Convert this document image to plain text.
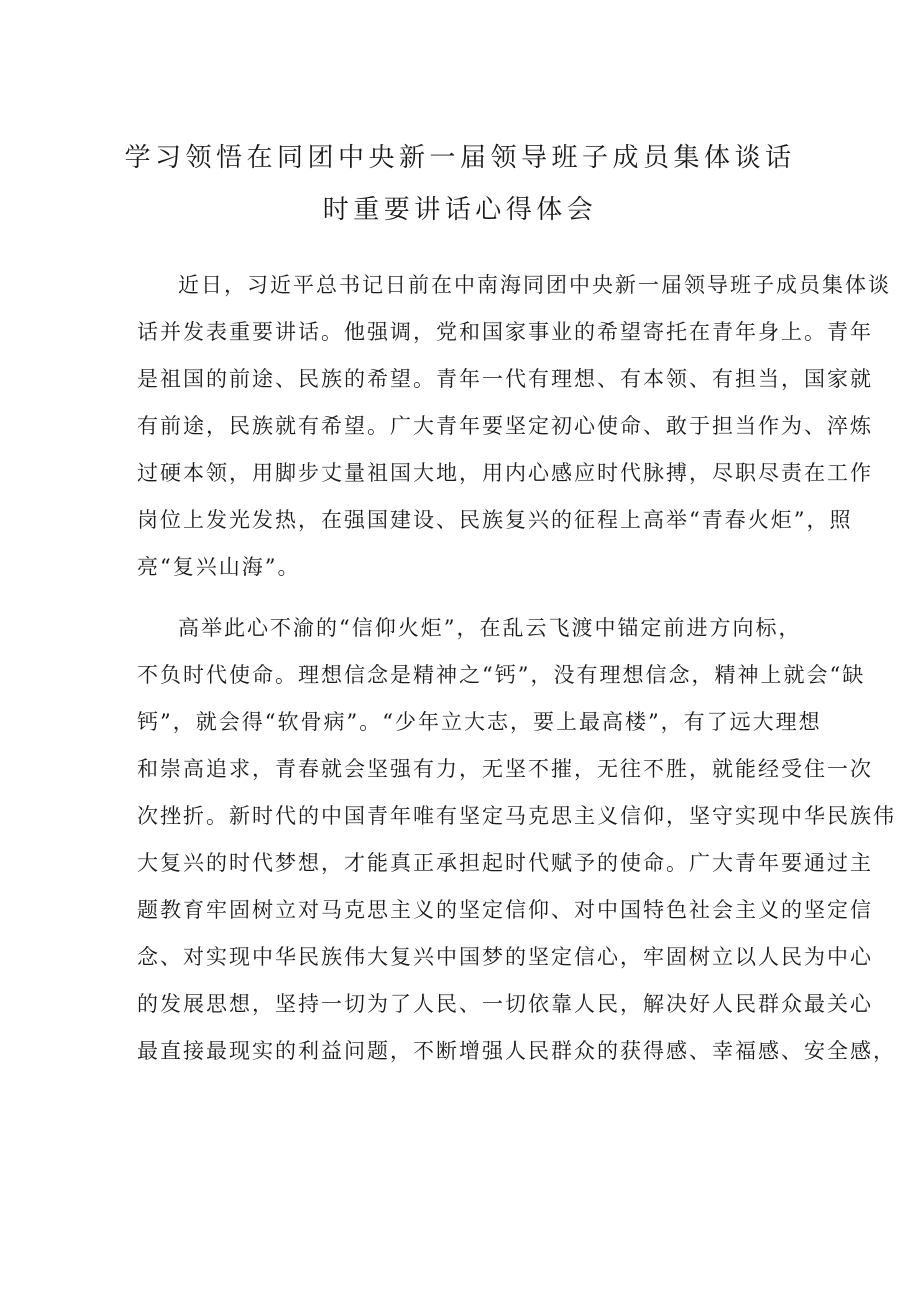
学习领悟在同团中央新一届领导班子成员集体谈话
时重要讲话心得体会
近日，习近平总书记日前在中南海同团中央新一届领导班子成员集体谈
话并发表重要讲话。他强调，党和国家事业的希望寄托在青年身上。青年
是祖国的前途、民族的希望。青年一代有理想、有本领、有担当，国家就
有前途，民族就有希望。广大青年要坚定初心使命、敢于担当作为、淬炼
过硬本领，用脚步丈量祖国大地，用内心感应时代脉搏，尽职尽责在工作
岗位上发光发热，在强国建设、民族复兴的征程上高举“青春火炬”，照
亮“复兴山海”。
高举此心不渝的“信仰火炬”，在乱云飞渡中锚定前进方向标，
不负时代使命。理想信念是精神之“钙”，没有理想信念，精神上就会“缺
钙”，就会得“软骨病”。“少年立大志，要上最高楼”，有了远大理想
和崇高追求，青春就会坚强有力，无坚不摧，无往不胜，就能经受住一次
次挫折。新时代的中国青年唯有坚定马克思主义信仰，坚守实现中华民族伟
大复兴的时代梦想，才能真正承担起时代赋予的使命。广大青年要通过主
题教育牢固树立对马克思主义的坚定信仰、对中国特色社会主义的坚定信
念、对实现中华民族伟大复兴中国梦的坚定信心，牢固树立以人民为中心
的发展思想，坚持一切为了人民、一切依靠人民，解决好人民群众最关心
最直接最现实的利益问题，不断增强人民群众的获得感、幸福感、安全感，
